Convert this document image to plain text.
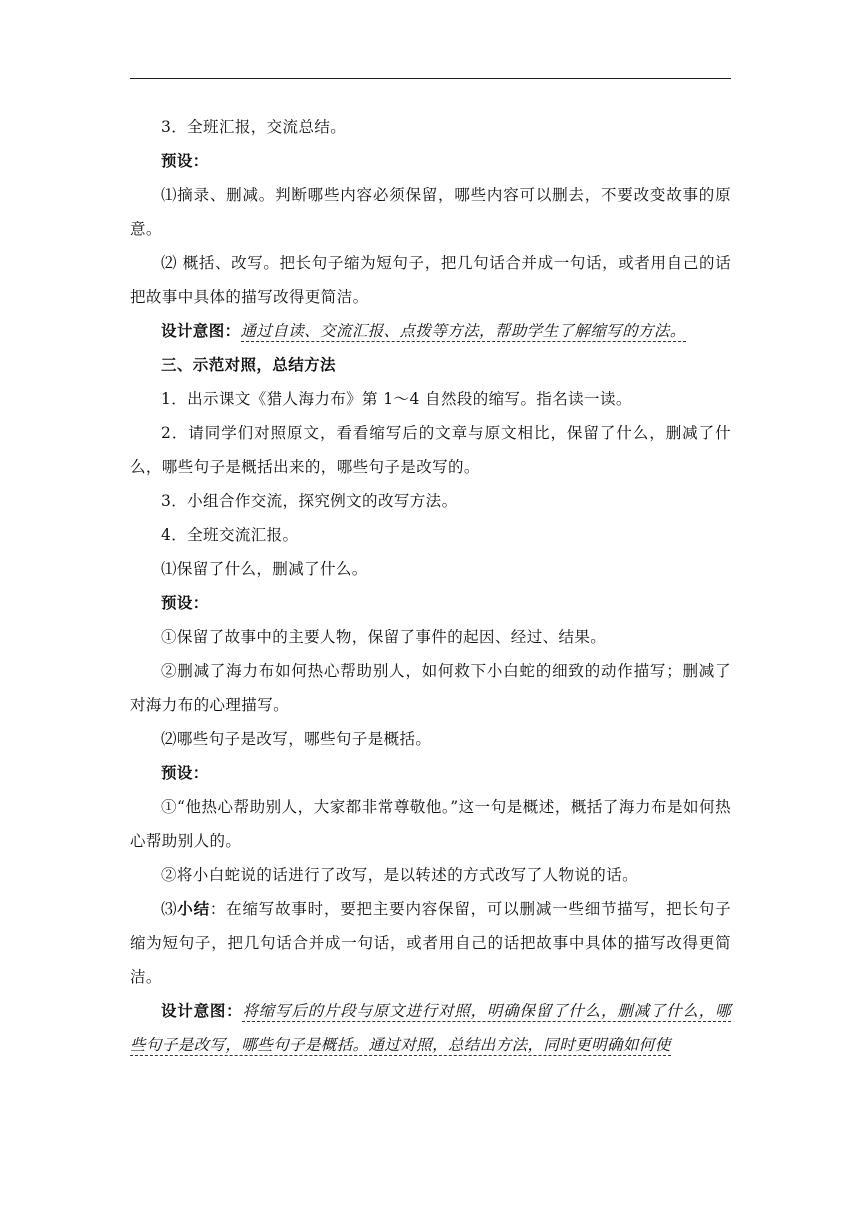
3．全班汇报，交流总结。

预设：

⑴摘录、删减。判断哪些内容必须保留，哪些内容可以删去，不要改变故事的原意。

⑵ 概括、改写。把长句子缩为短句子，把几句话合并成一句话，或者用自己的话把故事中具体的描写改得更简洁。

设计意图：通过自读、交流汇报、点拨等方法，帮助学生了解缩写的方法。

三、示范对照，总结方法

1．出示课文《猎人海力布》第 1～4 自然段的缩写。指名读一读。

2．请同学们对照原文，看看缩写后的文章与原文相比，保留了什么，删减了什么，哪些句子是概括出来的，哪些句子是改写的。

3．小组合作交流，探究例文的改写方法。

4．全班交流汇报。

⑴保留了什么，删减了什么。

预设：

①保留了故事中的主要人物，保留了事件的起因、经过、结果。

②删减了海力布如何热心帮助别人，如何救下小白蛇的细致的动作描写；删减了对海力布的心理描写。

⑵哪些句子是改写，哪些句子是概括。

预设：

①“他热心帮助别人，大家都非常尊敬他。”这一句是概述，概括了海力布是如何热心帮助别人的。

②将小白蛇说的话进行了改写，是以转述的方式改写了人物说的话。

⑶小结：在缩写故事时，要把主要内容保留，可以删减一些细节描写，把长句子缩为短句子，把几句话合并成一句话，或者用自己的话把故事中具体的描写改得更简洁。

设计意图：将缩写后的片段与原文进行对照，明确保留了什么，删减了什么，哪些句子是改写，哪些句子是概括。通过对照，总结出方法，同时更明确如何使
